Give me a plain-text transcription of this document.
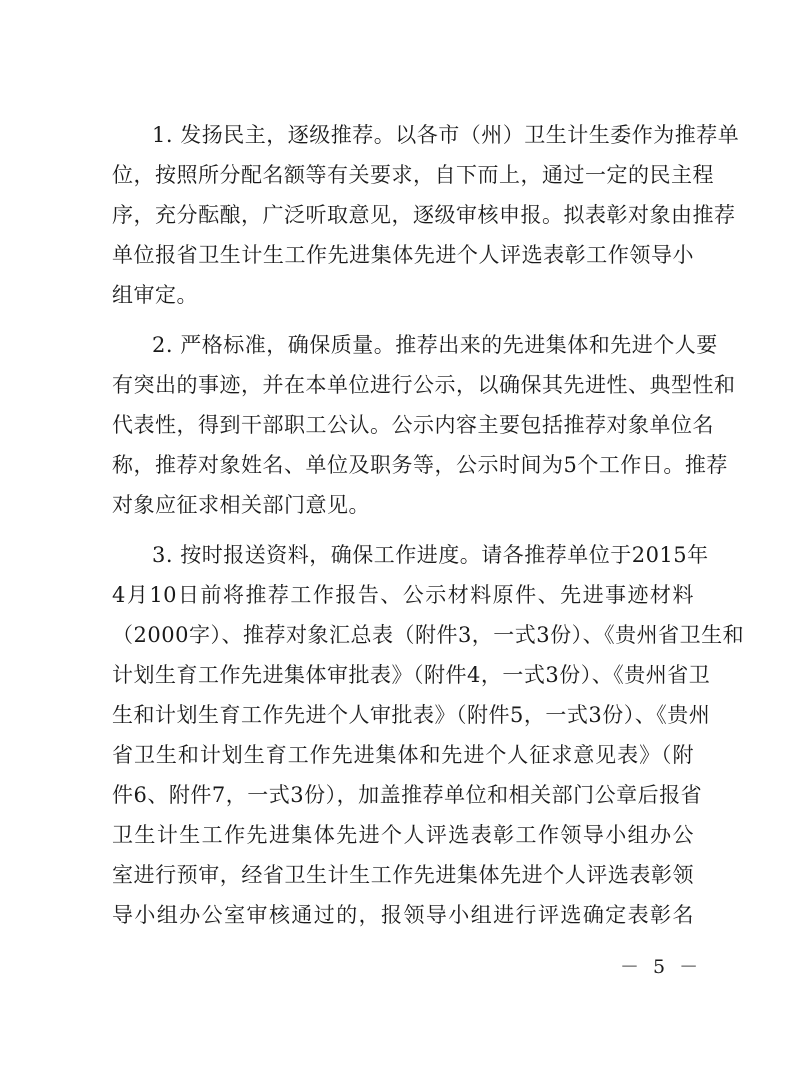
1. 发扬民主，逐级推荐。以各市（州）卫生计生委作为推荐单
位，按照所分配名额等有关要求，自下而上，通过一定的民主程
序，充分酝酿，广泛听取意见，逐级审核申报。拟表彰对象由推荐
单位报省卫生计生工作先进集体先进个人评选表彰工作领导小
组审定。
2. 严格标准，确保质量。推荐出来的先进集体和先进个人要
有突出的事迹，并在本单位进行公示，以确保其先进性、典型性和
代表性，得到干部职工公认。公示内容主要包括推荐对象单位名
称，推荐对象姓名、单位及职务等，公示时间为5个工作日。推荐
对象应征求相关部门意见。
3. 按时报送资料，确保工作进度。请各推荐单位于2015年
4月10日前将推荐工作报告、公示材料原件、先进事迹材料
（2000字）、推荐对象汇总表（附件3，一式3份）、《贵州省卫生和
计划生育工作先进集体审批表》（附件4，一式3份）、《贵州省卫
生和计划生育工作先进个人审批表》（附件5，一式3份）、《贵州
省卫生和计划生育工作先进集体和先进个人征求意见表》（附
件6、附件7，一式3份），加盖推荐单位和相关部门公章后报省
卫生计生工作先进集体先进个人评选表彰工作领导小组办公
室进行预审，经省卫生计生工作先进集体先进个人评选表彰领
导小组办公室审核通过的，报领导小组进行评选确定表彰名
－ 5 －
